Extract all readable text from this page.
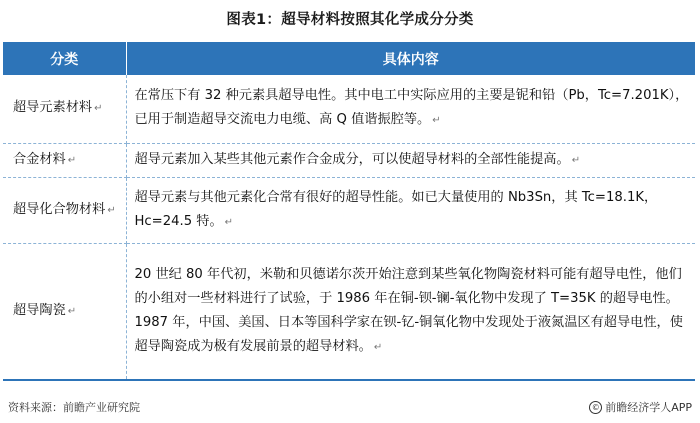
图表1：超导材料按照其化学成分分类
分类	具体内容
超导元素材料 ↵	在常压下有 32 种元素具超导电性。其中电工中实际应用的主要是铌和铅（Pb，Tc=7.201K），已用于制造超导交流电力电缆、高 Q 值谐振腔等。 ↵
合金材料 ↵	超导元素加入某些其他元素作合金成分，可以使超导材料的全部性能提高。 ↵
超导化合物材料 ↵	超导元素与其他元素化合常有很好的超导性能。如已大量使用的 Nb3Sn，其 Tc=18.1K，Hc=24.5 特。 ↵
超导陶瓷 ↵	20 世纪 80 年代初，米勒和贝德诺尔茨开始注意到某些氧化物陶瓷材料可能有超导电性，他们的小组对一些材料进行了试验，于 1986 年在铜-钡-镧-氧化物中发现了 T=35K 的超导电性。1987 年，中国、美国、日本等国科学家在钡-钇-铜氧化物中发现处于液氮温区有超导电性，使超导陶瓷成为极有发展前景的超导材料。 ↵
资料来源：前瞻产业研究院	© 前瞻经济学人APP
